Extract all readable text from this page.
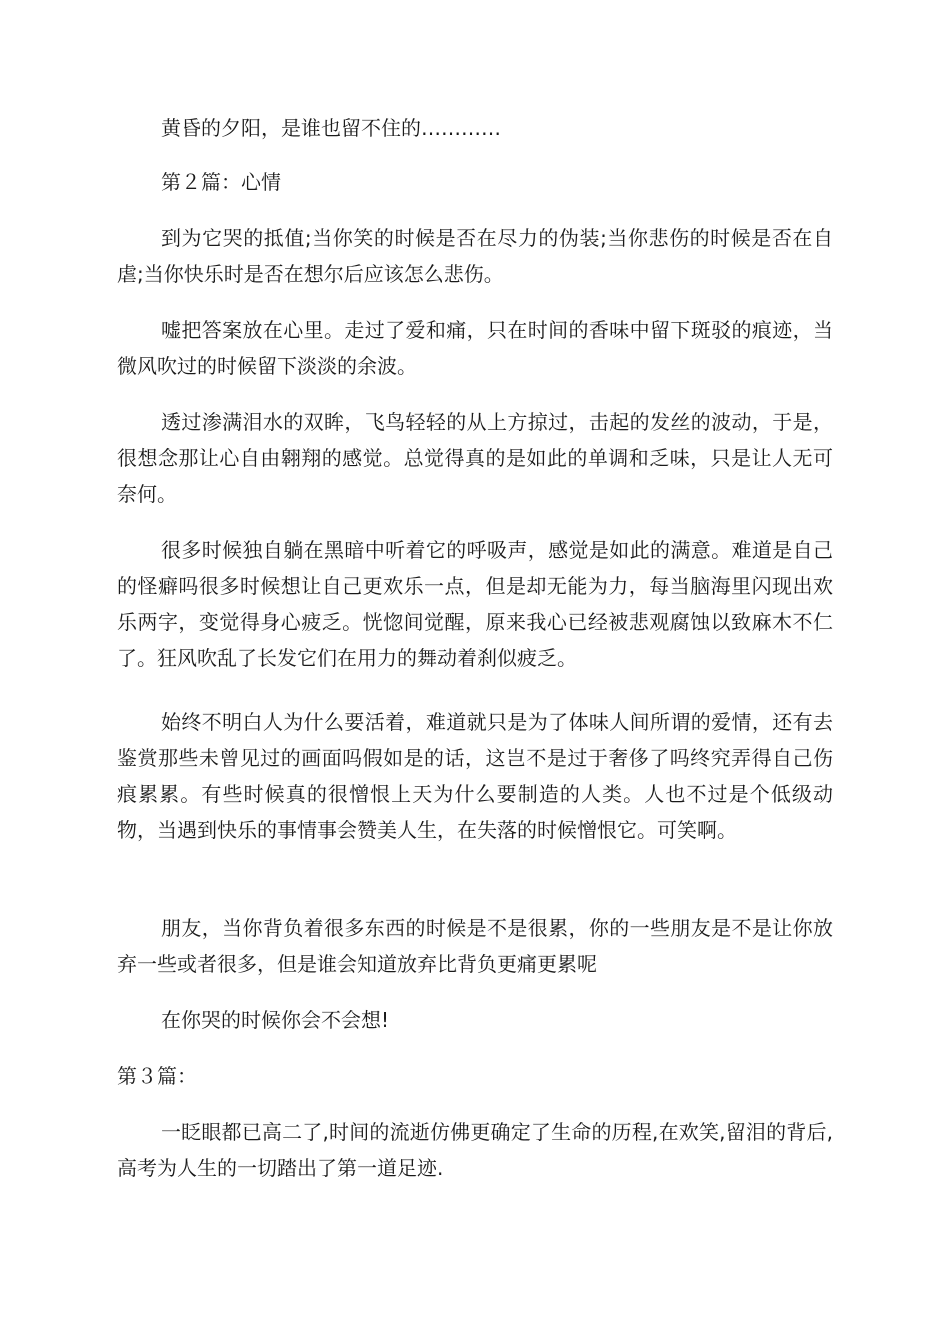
黄昏的夕阳，是谁也留不住的…………

第２篇：心情

到为它哭的抵值;当你笑的时候是否在尽力的伪装;当你悲伤的时候是否在自虐;当你快乐时是否在想尔后应该怎么悲伤。

嘘把答案放在心里。走过了爱和痛，只在时间的香味中留下斑驳的痕迹，当微风吹过的时候留下淡淡的余波。

透过渗满泪水的双眸，飞鸟轻轻的从上方掠过，击起的发丝的波动，于是，很想念那让心自由翱翔的感觉。总觉得真的是如此的单调和乏味，只是让人无可奈何。

很多时候独自躺在黑暗中听着它的呼吸声，感觉是如此的满意。难道是自己的怪癖吗很多时候想让自己更欢乐一点，但是却无能为力，每当脑海里闪现出欢乐两字，变觉得身心疲乏。恍惚间觉醒，原来我心已经被悲观腐蚀以致麻木不仁了。狂风吹乱了长发它们在用力的舞动着刹似疲乏。

始终不明白人为什么要活着，难道就只是为了体味人间所谓的爱情，还有去鉴赏那些未曾见过的画面吗假如是的话，这岂不是过于奢侈了吗终究弄得自己伤痕累累。有些时候真的很憎恨上天为什么要制造的人类。人也不过是个低级动物，当遇到快乐的事情事会赞美人生，在失落的时候憎恨它。可笑啊。

朋友，当你背负着很多东西的时候是不是很累，你的一些朋友是不是让你放弃一些或者很多，但是谁会知道放弃比背负更痛更累呢

在你哭的时候你会不会想!

第３篇：

一眨眼都已高二了,时间的流逝仿佛更确定了生命的历程,在欢笑,留泪的背后,高考为人生的一切踏出了第一道足迹.
